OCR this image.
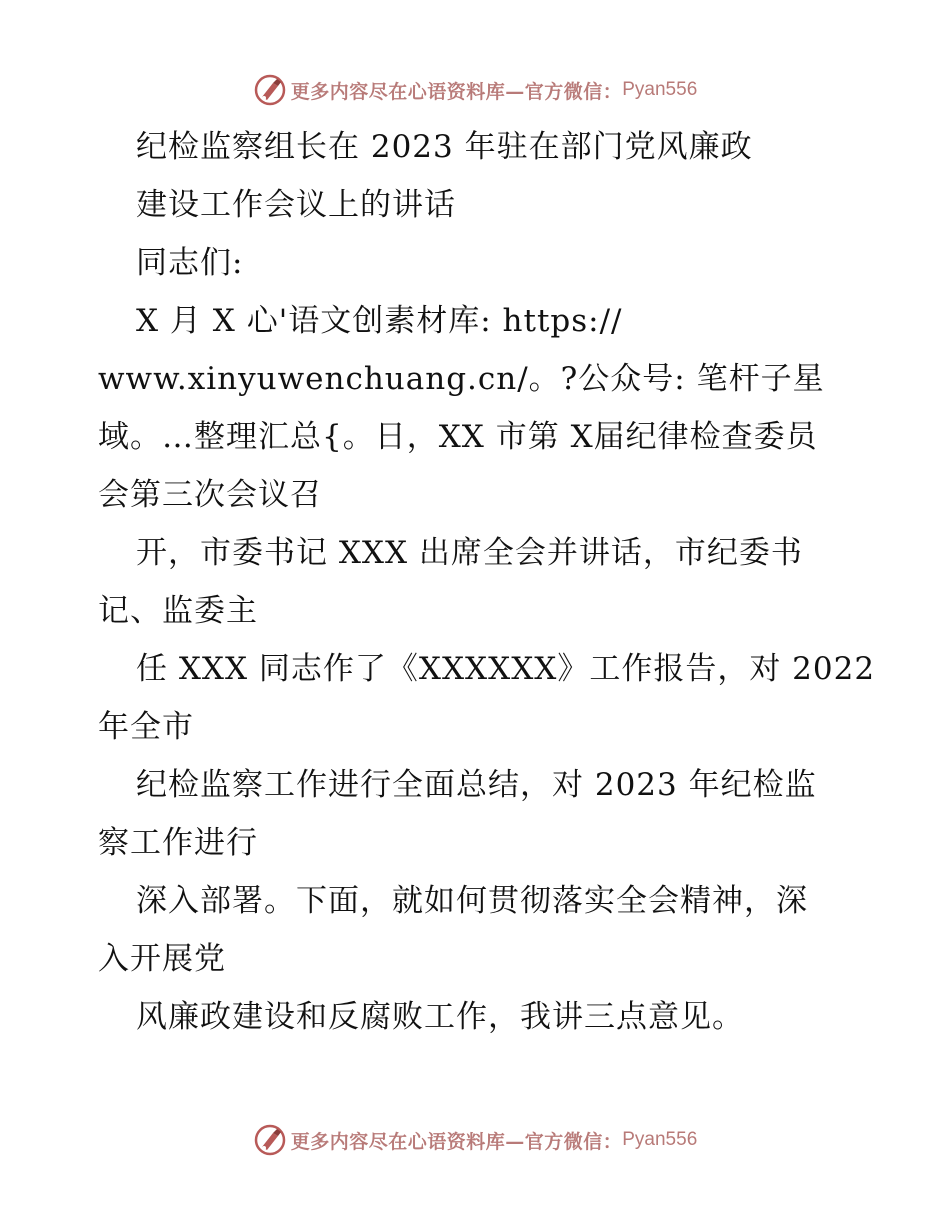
更多内容尽在心语资料库—官方微信： Pyan556
纪检监察组长在 2023 年驻在部门党风廉政
建设工作会议上的讲话
同志们:
X 月 X 心'语文创素材库: https://
www.xinyuwenchuang.cn/。?公众号: 笔杆子星
域。…整理汇总{。日，XX 市第 X届纪律检查委员
会第三次会议召
开，市委书记 XXX 出席全会并讲话，市纪委书
记、监委主
任 XXX 同志作了《XXXXXX》工作报告，对 2022
年全市
纪检监察工作进行全面总结，对 2023 年纪检监
察工作进行
深入部署。下面，就如何贯彻落实全会精神，深
入开展党
风廉政建设和反腐败工作，我讲三点意见。
更多内容尽在心语资料库—官方微信： Pyan556
